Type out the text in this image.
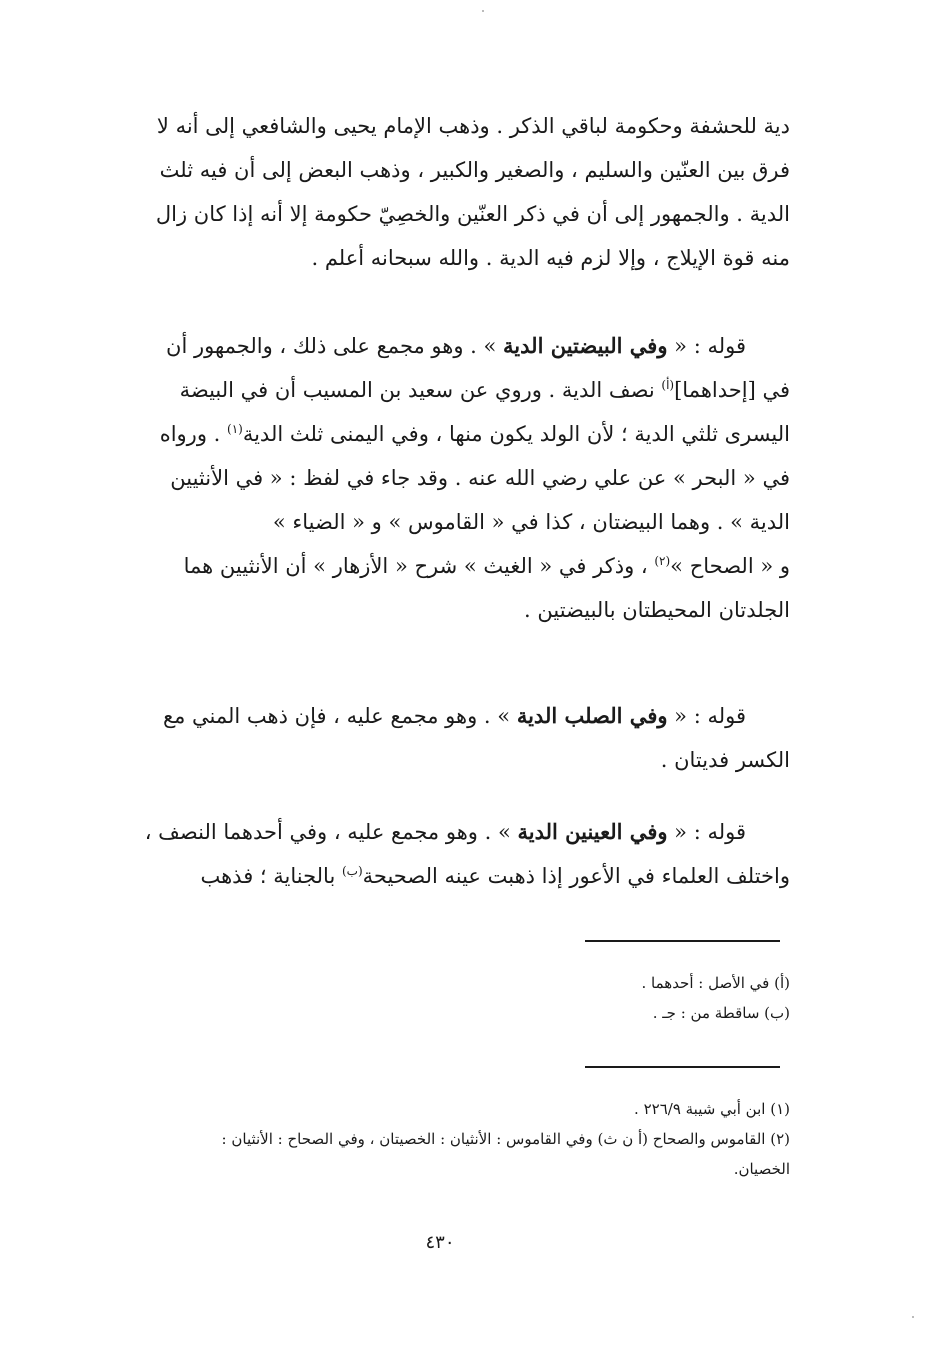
دية للحشفة وحكومة لباقي الذكر . وذهب الإمام يحيى والشافعي إلى أنه لا
فرق بين العنّين والسليم ، والصغير والكبير ، وذهب البعض إلى أن فيه ثلث
الدية . والجمهور إلى أن في ذكر العنّين والخصِيّ حكومة إلا أنه إذا كان زال
منه قوة الإيلاج ، وإلا لزم فيه الدية . والله سبحانه أعلم .
قوله : « وفي البيضتين الدية » . وهو مجمع على ذلك ، والجمهور أن
في [إحداهما]$^{(أ)}$ نصف الدية . وروي عن سعيد بن المسيب أن في البيضة
اليسرى ثلثي الدية ؛ لأن الولد يكون منها ، وفي اليمنى ثلث الدية$^{(١)}$ . ورواه
في « البحر » عن علي رضي الله عنه . وقد جاء في لفظ : « في الأنثيين
الدية » . وهما البيضتان ، كذا في « القاموس » و « الضياء »
و « الصحاح »$^{(٢)}$ ، وذكر في « الغيث » شرح « الأزهار » أن الأنثيين هما
الجلدتان المحيطتان بالبيضتين .
قوله : « وفي الصلب الدية » . وهو مجمع عليه ، فإن ذهب المني مع
الكسر فديتان .
قوله : « وفي العينين الدية » . وهو مجمع عليه ، وفي أحدهما النصف ،
واختلف العلماء في الأعور إذا ذهبت عينه الصحيحة$^{(ب)}$ بالجناية ؛ فذهب
(أ) في الأصل : أحدهما .
(ب) ساقطة من : جـ .
(١) ابن أبي شيبة ٢٢٦/٩ .
(٢) القاموس والصحاح (أ ن ث) وفي القاموس : الأنثيان : الخصيتان ، وفي الصحاح : الأنثيان :
الخصيان.
٤٣٠
